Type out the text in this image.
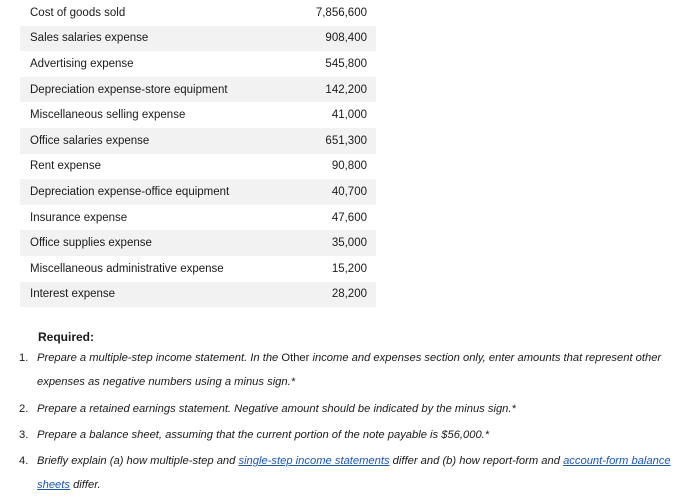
Cost of goods sold	7,856,600
Sales salaries expense	908,400
Advertising expense	545,800
Depreciation expense-store equipment	142,200
Miscellaneous selling expense	41,000
Office salaries expense	651,300
Rent expense	90,800
Depreciation expense-office equipment	40,700
Insurance expense	47,600
Office supplies expense	35,000
Miscellaneous administrative expense	15,200
Interest expense	28,200
Required:
1. Prepare a multiple-step income statement. In the Other income and expenses section only, enter amounts that represent other expenses as negative numbers using a minus sign.*
2. Prepare a retained earnings statement. Negative amount should be indicated by the minus sign.*
3. Prepare a balance sheet, assuming that the current portion of the note payable is $56,000.*
4. Briefly explain (a) how multiple-step and single-step income statements differ and (b) how report-form and account-form balance sheets differ.
